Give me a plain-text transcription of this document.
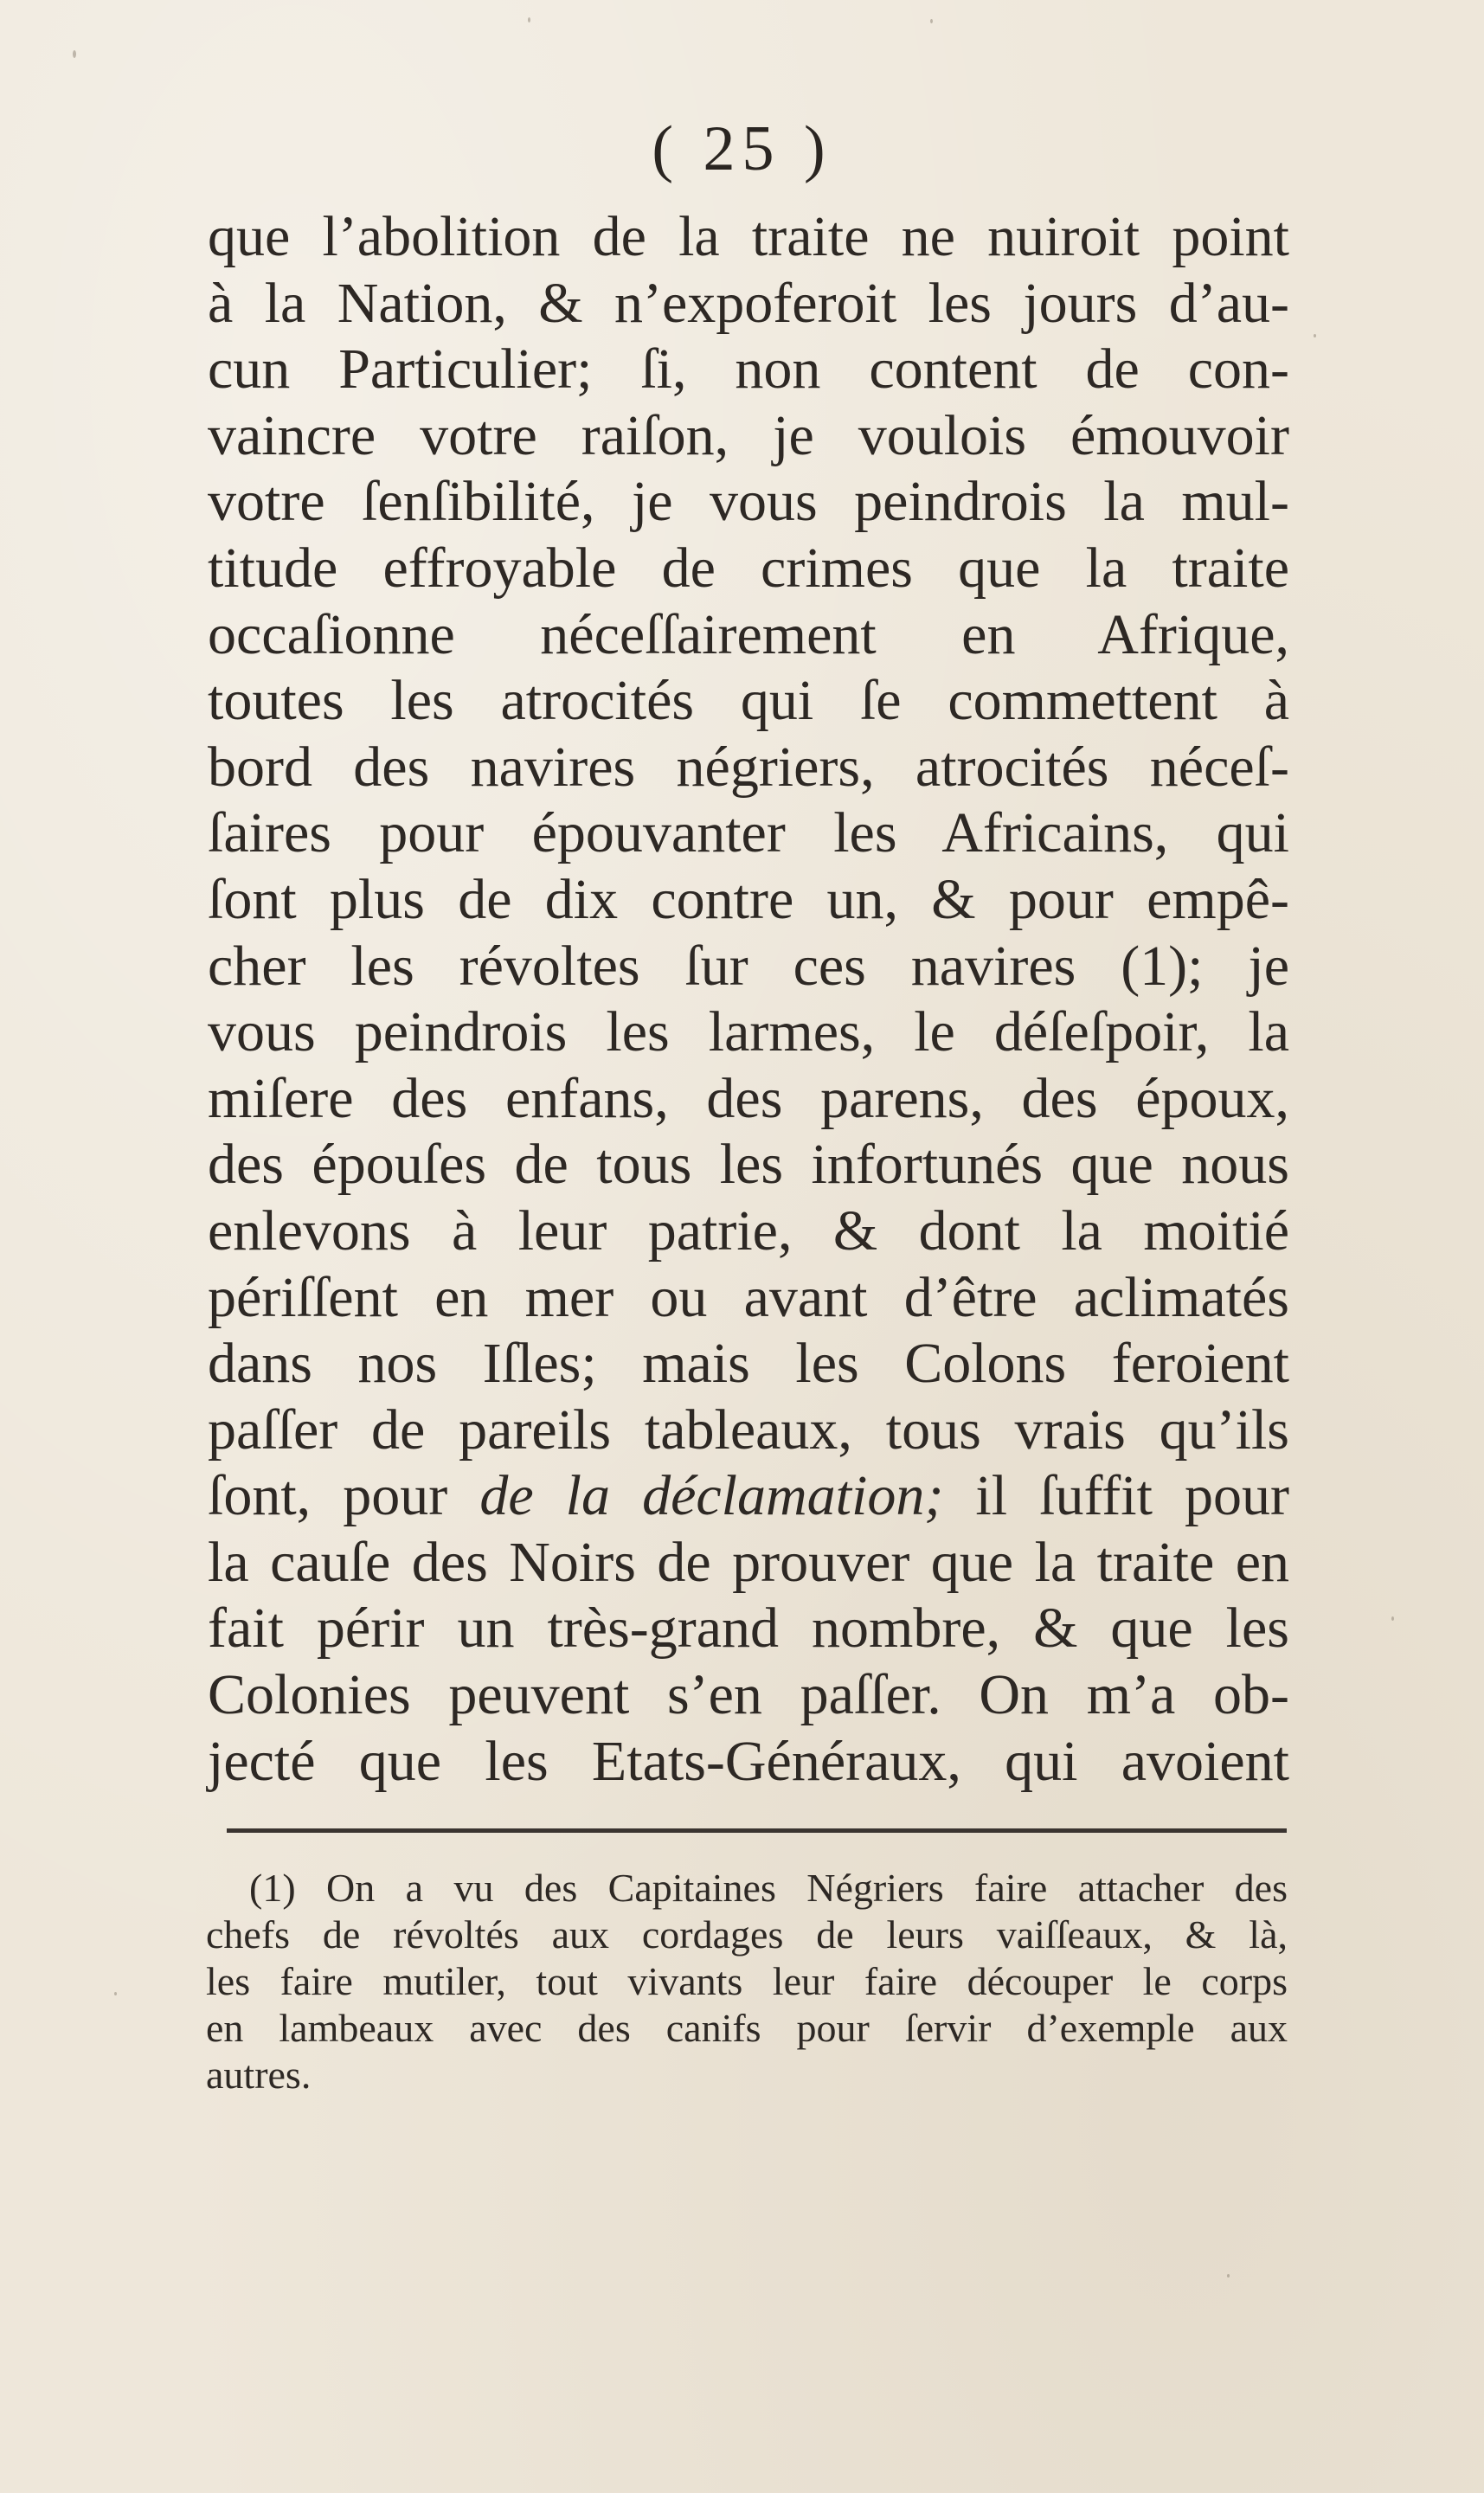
( 25 )
que l’abolition de la traite ne nuiroit point
à la Nation, & n’expoferoit les jours d’au-
cun Particulier; ſi, non content de con-
vaincre votre raiſon, je voulois émouvoir
votre ſenſibilité, je vous peindrois la mul-
titude effroyable de crimes que la traite
occaſionne néceſſairement en Afrique,
toutes les atrocités qui ſe commettent à
bord des navires négriers, atrocités néceſ-
ſaires pour épouvanter les Africains, qui
ſont plus de dix contre un, & pour empê-
cher les révoltes ſur ces navires (1); je
vous peindrois les larmes, le déſeſpoir, la
miſere des enfans, des parens, des époux,
des épouſes de tous les infortunés que nous
enlevons à leur patrie, & dont la moitié
périſſent en mer ou avant d’être aclimatés
dans nos Iſles; mais les Colons feroient
paſſer de pareils tableaux, tous vrais qu’ils
ſont, pour de la déclamation; il ſuffit pour
la cauſe des Noirs de prouver que la traite en
fait périr un très-grand nombre, & que les
Colonies peuvent s’en paſſer. On m’a ob-
jecté que les Etats-Généraux, qui avoient
(1) On a vu des Capitaines Négriers faire attacher des
chefs de révoltés aux cordages de leurs vaiſſeaux, & là,
les faire mutiler, tout vivants leur faire découper le corps
en lambeaux avec des canifs pour ſervir d’exemple aux
autres.
